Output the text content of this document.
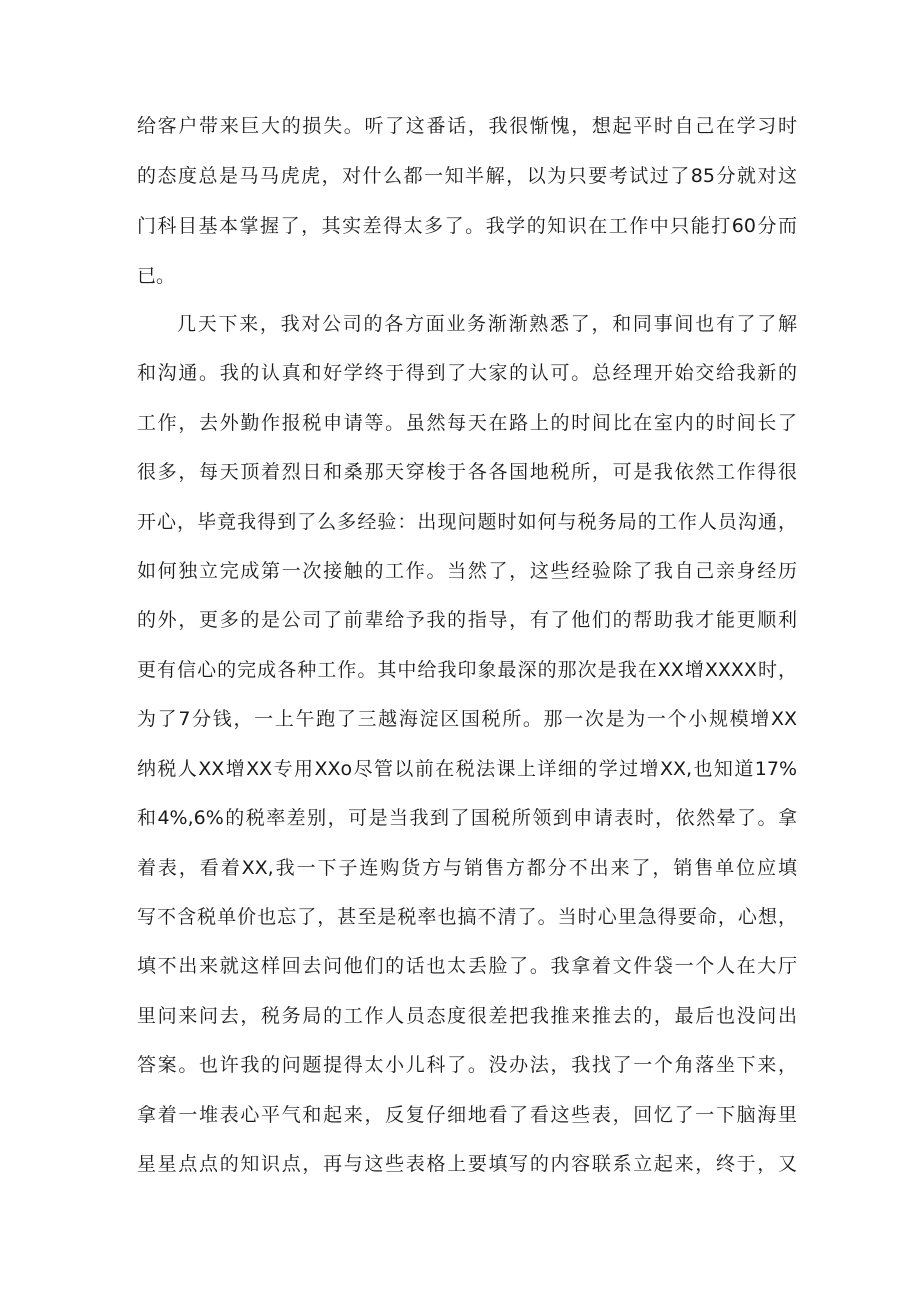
给客户带来巨大的损失。听了这番话，我很惭愧，想起平时自己在学习时
的态度总是马马虎虎，对什么都一知半解，以为只要考试过了85分就对这
门科目基本掌握了，其实差得太多了。我学的知识在工作中只能打60分而
已。
几天下来，我对公司的各方面业务渐渐熟悉了，和同事间也有了了解
和沟通。我的认真和好学终于得到了大家的认可。总经理开始交给我新的
工作，去外勤作报税申请等。虽然每天在路上的时间比在室内的时间长了
很多，每天顶着烈日和桑那天穿梭于各各国地税所，可是我依然工作得很
开心，毕竟我得到了么多经验：出现问题时如何与税务局的工作人员沟通，
如何独立完成第一次接触的工作。当然了，这些经验除了我自己亲身经历
的外，更多的是公司了前辈给予我的指导，有了他们的帮助我才能更顺利
更有信心的完成各种工作。其中给我印象最深的那次是我在XX增XXXX时，
为了7分钱，一上午跑了三越海淀区国税所。那一次是为一个小规模增XX
纳税人XX增XX专用XXo尽管以前在税法课上详细的学过增XX,也知道17%
和4%,6%的税率差别，可是当我到了国税所领到申请表时，依然晕了。拿
着表，看着XX,我一下子连购货方与销售方都分不出来了，销售单位应填
写不含税单价也忘了，甚至是税率也搞不清了。当时心里急得要命，心想，
填不出来就这样回去问他们的话也太丢脸了。我拿着文件袋一个人在大厅
里问来问去，税务局的工作人员态度很差把我推来推去的，最后也没问出
答案。也许我的问题提得太小儿科了。没办法，我找了一个角落坐下来，
拿着一堆表心平气和起来，反复仔细地看了看这些表，回忆了一下脑海里
星星点点的知识点，再与这些表格上要填写的内容联系立起来，终于，又
